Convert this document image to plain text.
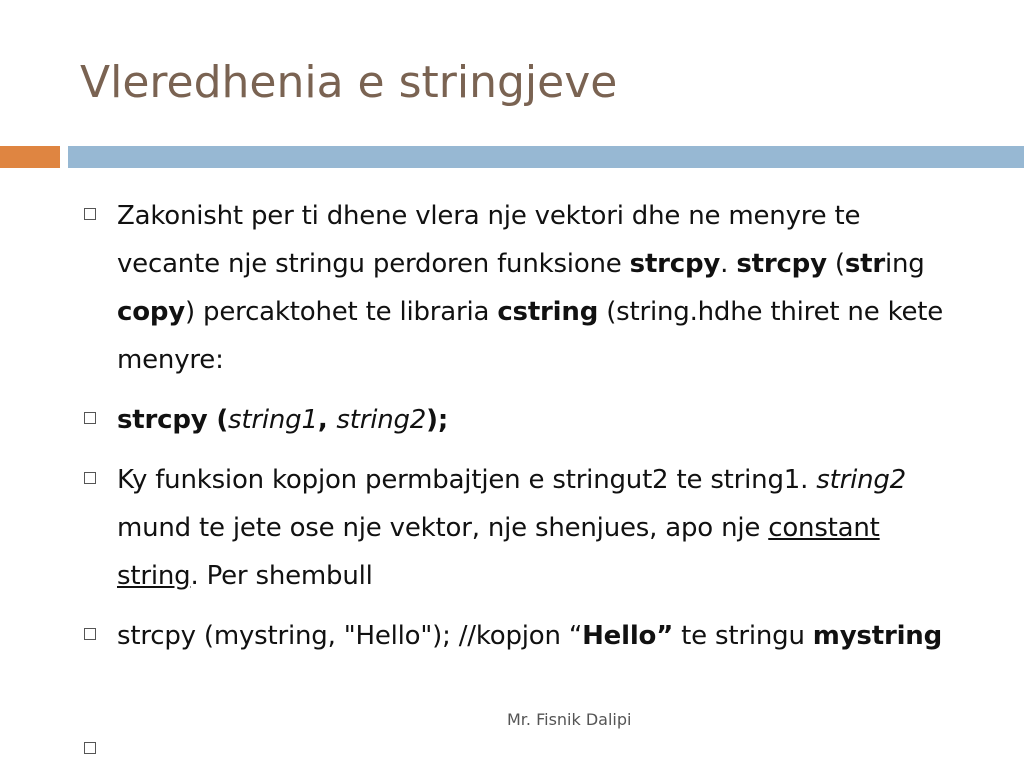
Vleredhenia e stringjeve
Zakonisht per ti dhene vlera nje vektori dhe ne menyre te vecante nje stringu perdoren funksione strcpy. strcpy (string copy) percaktohet te libraria cstring (string.hdhe thiret ne kete menyre:
strcpy (string1, string2);
Ky funksion kopjon permbajtjen e stringut2 te string1. string2 mund te jete ose nje vektor, nje shenjues, apo nje constant string. Per shembull
strcpy (mystring, "Hello"); //kopjon “Hello” te stringu mystring
Mr. Fisnik Dalipi
